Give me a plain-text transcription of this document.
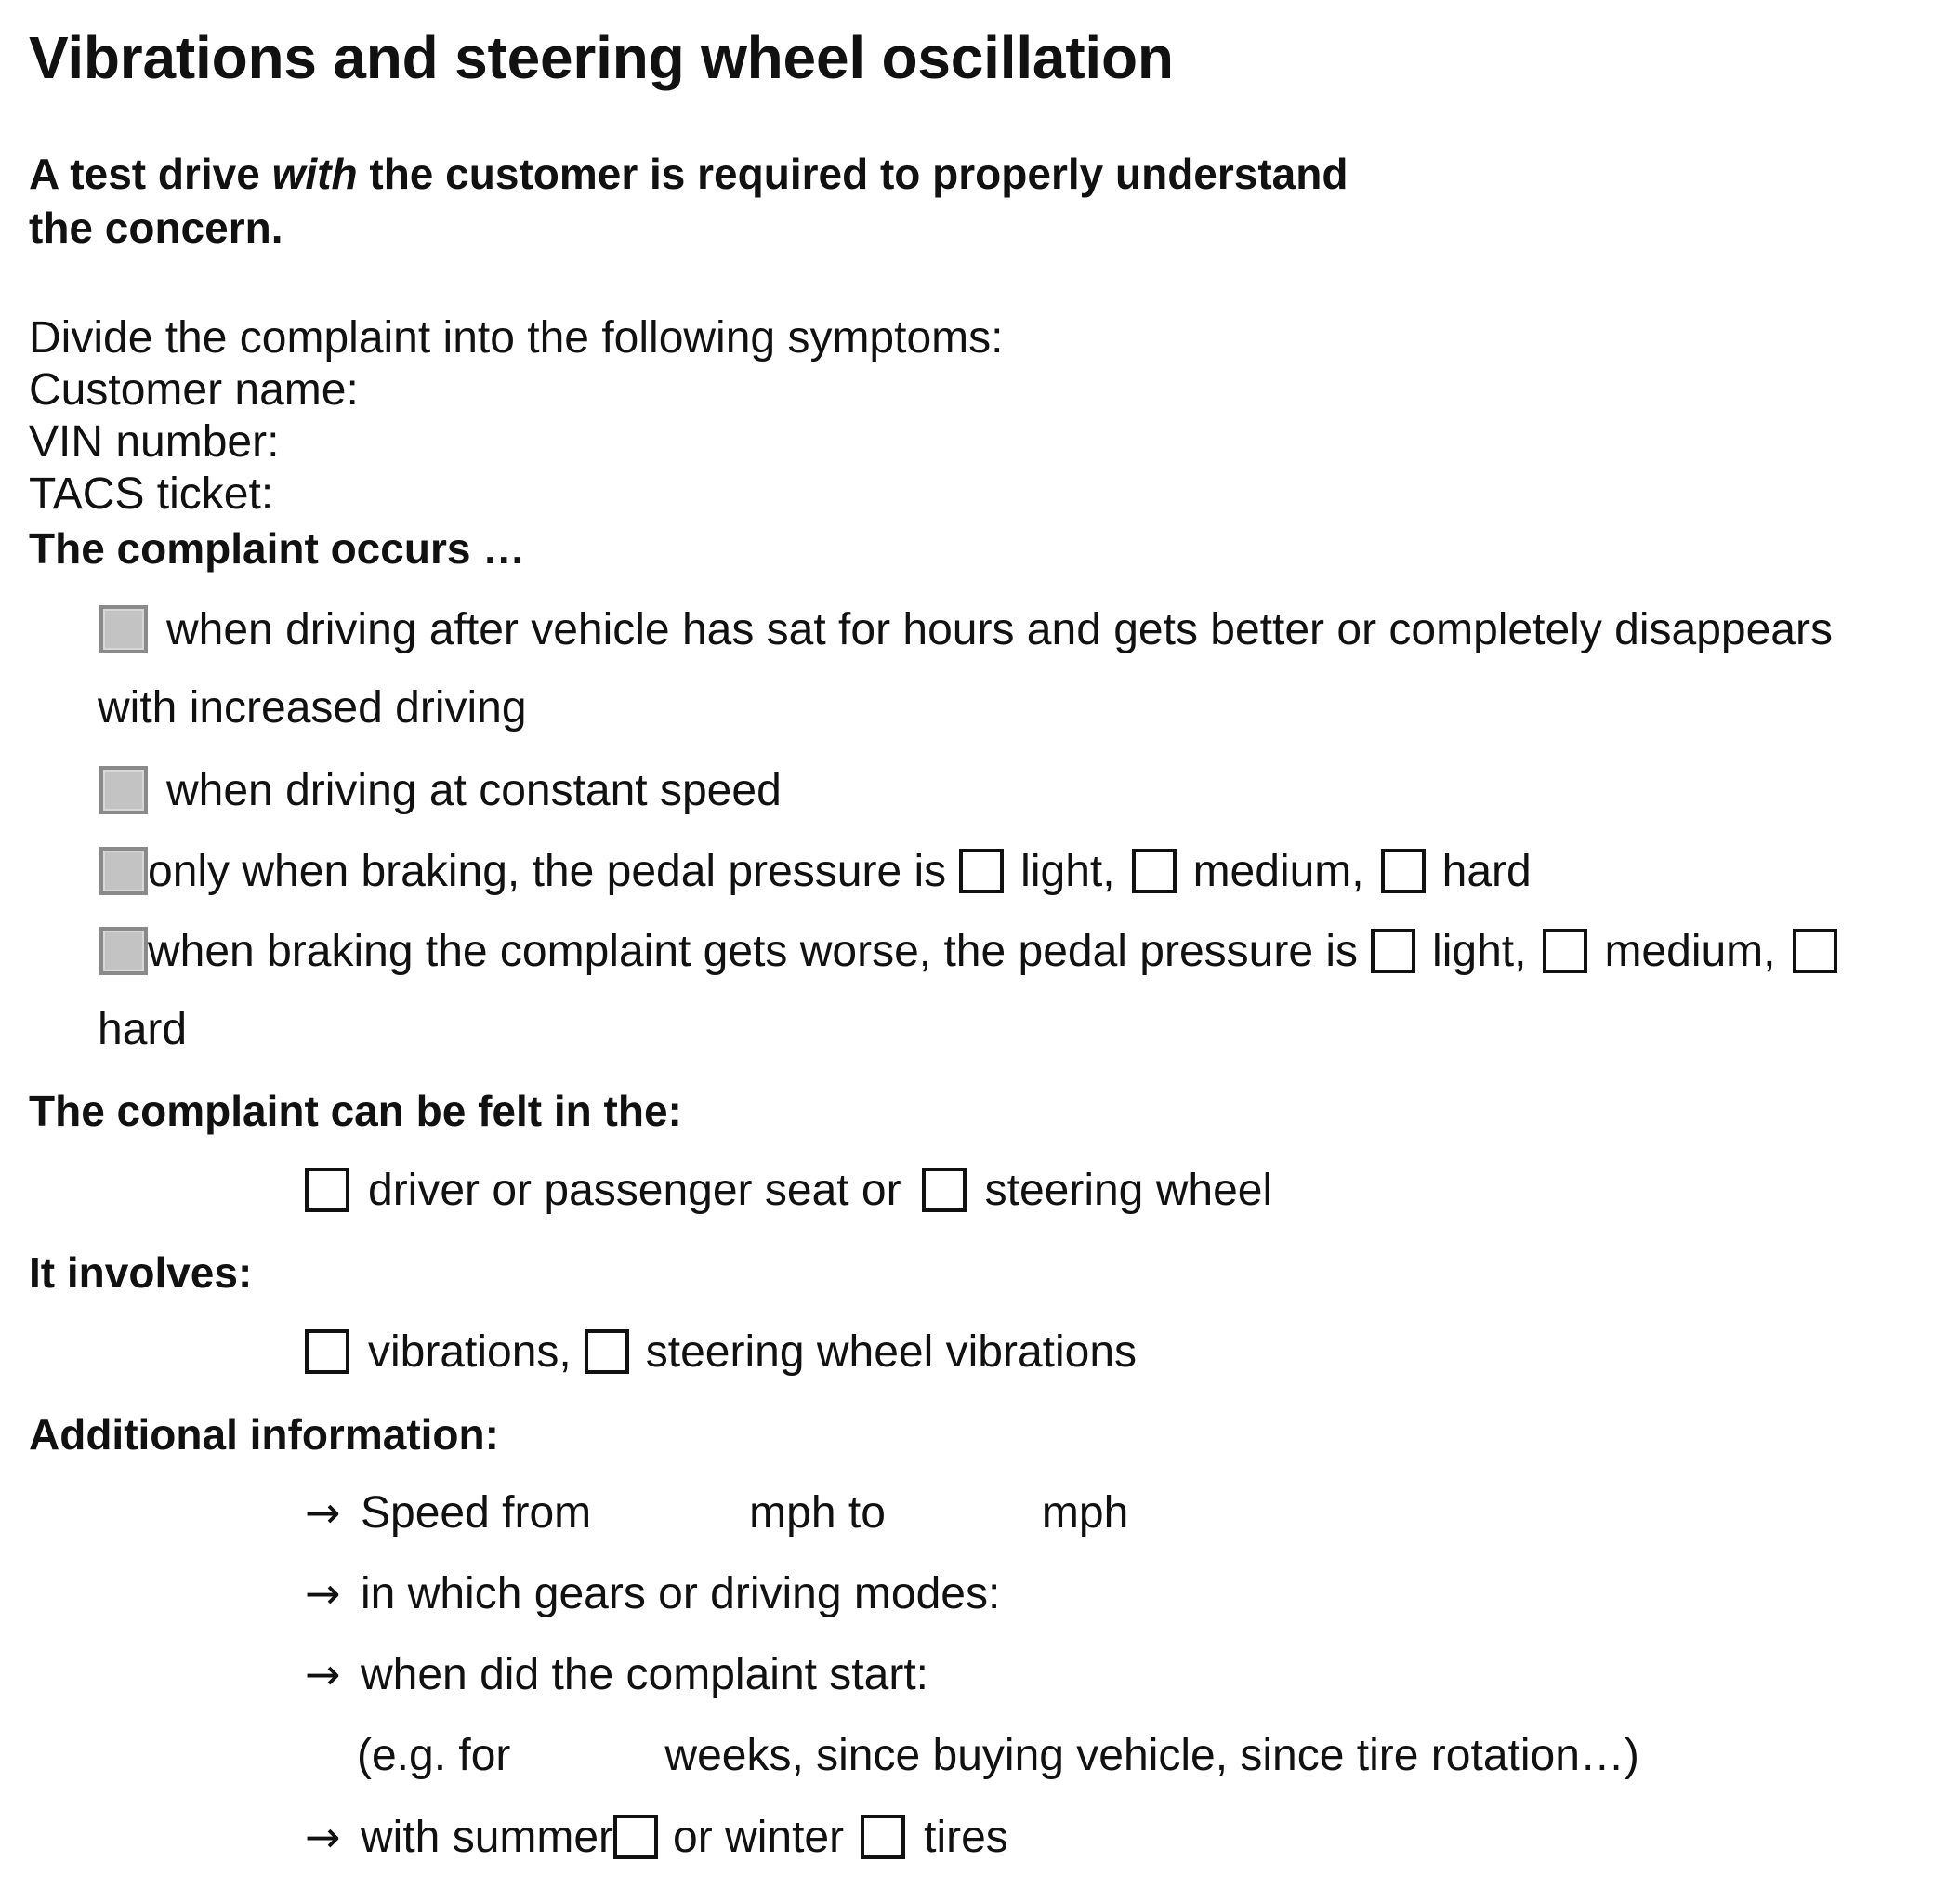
Vibrations and steering wheel oscillation
A test drive with the customer is required to properly understand
the concern.
Divide the complaint into the following symptoms:
Customer name:
VIN number:
TACS ticket:
The complaint occurs …
when driving after vehicle has sat for hours and gets better or completely disappears
with increased driving
when driving at constant speed
only when braking, the pedal pressure is light, medium, hard
when braking the complaint gets worse, the pedal pressure is light, medium,
hard
The complaint can be felt in the:
driver or passenger seat or steering wheel
It involves:
vibrations, steering wheel vibrations
Additional information:
→ Speed from	mph to	mph
→ in which gears or driving modes:
→ when did the complaint start:
(e.g. for	weeks, since buying vehicle, since tire rotation…)
→ with summer or winter tires
